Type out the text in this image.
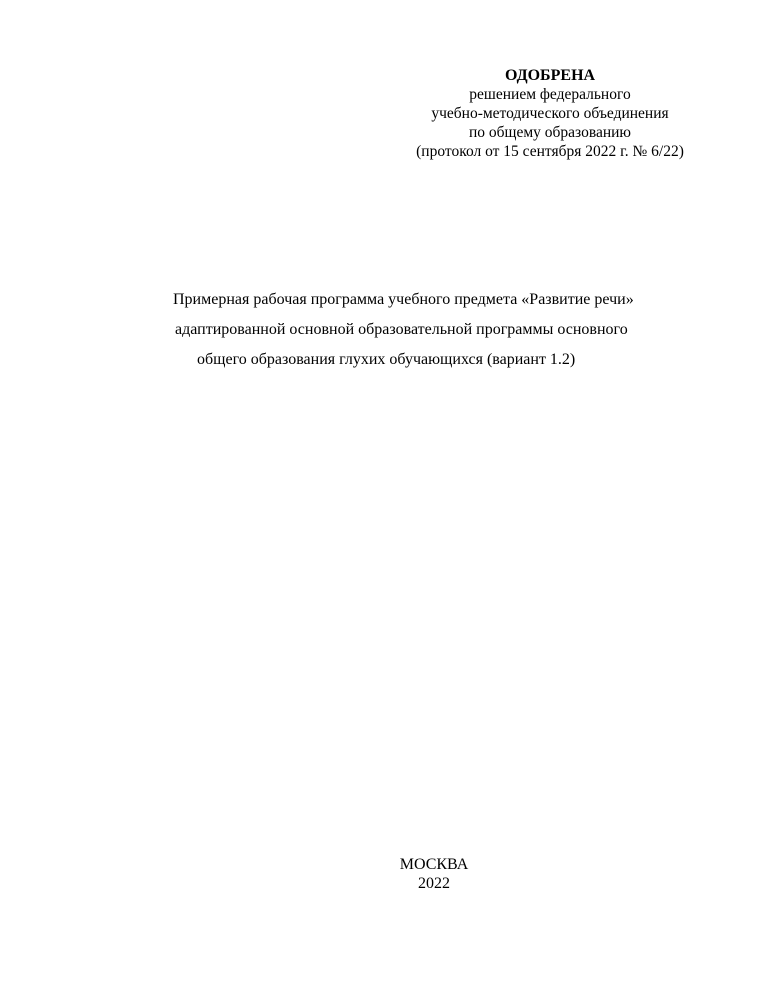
ОДОБРЕНА
решением федерального
учебно-методического объединения
по общему образованию
(протокол от 15 сентября 2022 г. № 6/22)
Примерная рабочая программа учебного предмета «Развитие речи»
адаптированной основной образовательной программы основного
общего образования глухих обучающихся (вариант 1.2)
МОСКВА
2022
